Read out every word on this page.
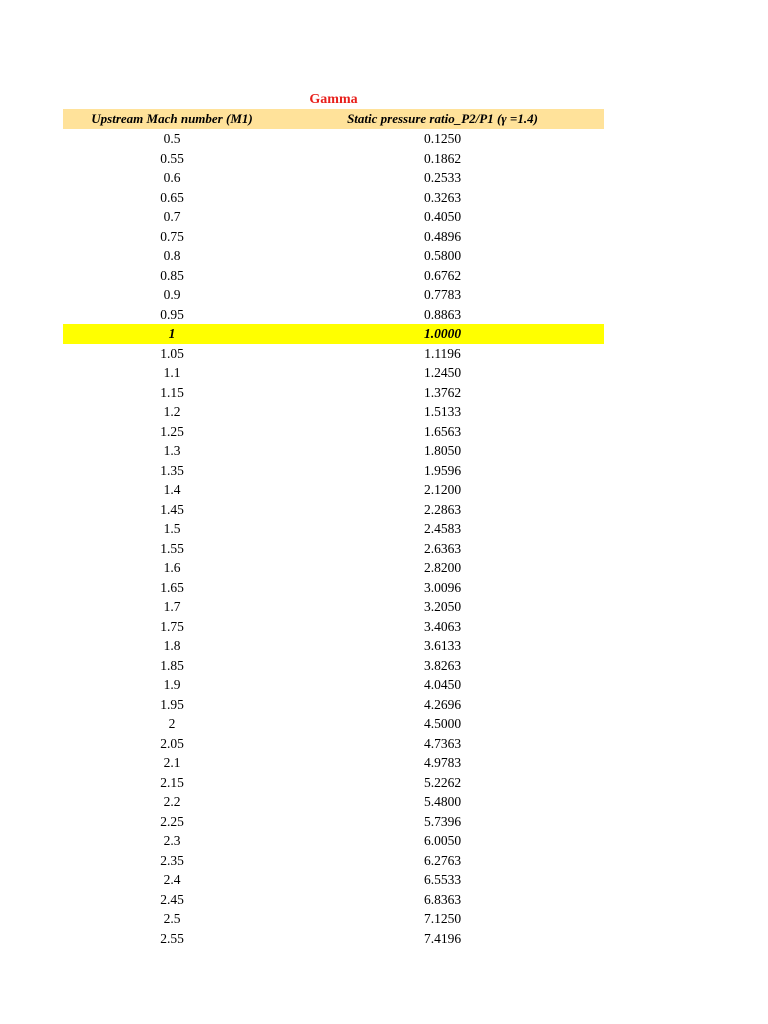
Gamma
Upstream Mach number (M1)	Static pressure ratio_P2/P1 (γ =1.4)
0.5	0.1250
0.55	0.1862
0.6	0.2533
0.65	0.3263
0.7	0.4050
0.75	0.4896
0.8	0.5800
0.85	0.6762
0.9	0.7783
0.95	0.8863
1	1.0000
1.05	1.1196
1.1	1.2450
1.15	1.3762
1.2	1.5133
1.25	1.6563
1.3	1.8050
1.35	1.9596
1.4	2.1200
1.45	2.2863
1.5	2.4583
1.55	2.6363
1.6	2.8200
1.65	3.0096
1.7	3.2050
1.75	3.4063
1.8	3.6133
1.85	3.8263
1.9	4.0450
1.95	4.2696
2	4.5000
2.05	4.7363
2.1	4.9783
2.15	5.2262
2.2	5.4800
2.25	5.7396
2.3	6.0050
2.35	6.2763
2.4	6.5533
2.45	6.8363
2.5	7.1250
2.55	7.4196
